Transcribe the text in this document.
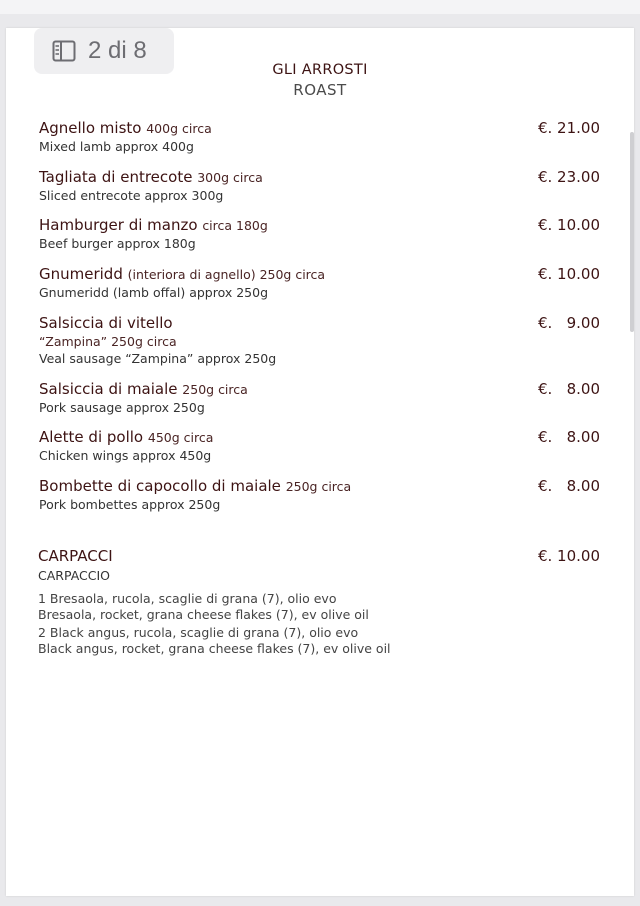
2 di 8
GLI ARROSTI
ROAST
Agnello misto 400g circa
Mixed lamb approx 400g
€. 21.00
Tagliata di entrecote 300g circa
Sliced entrecote approx 300g
€. 23.00
Hamburger di manzo circa 180g
Beef burger approx 180g
€. 10.00
Gnumeridd (interiora di agnello) 250g circa
Gnumeridd (lamb offal) approx 250g
€. 10.00
Salsiccia di vitello
“Zampina” 250g circa
Veal sausage “Zampina” approx 250g
€.   9.00
Salsiccia di maiale 250g circa
Pork sausage approx 250g
€.   8.00
Alette di pollo 450g circa
Chicken wings approx 450g
€.   8.00
Bombette di capocollo di maiale 250g circa
Pork bombettes approx 250g
€.   8.00
CARPACCI
CARPACCIO
€. 10.00
1 Bresaola, rucola, scaglie di grana (7), olio evo
Bresaola, rocket, grana cheese flakes (7), ev olive oil
2 Black angus, rucola, scaglie di grana (7), olio evo
Black angus, rocket, grana cheese flakes (7), ev olive oil
